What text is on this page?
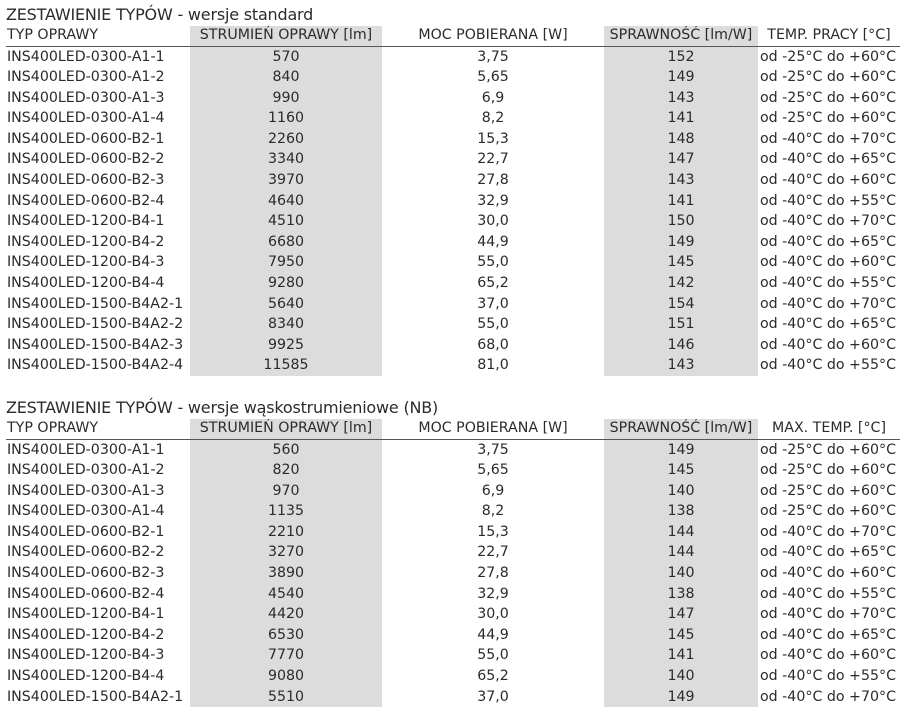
ZESTAWIENIE TYPÓW - wersje standard
TYP OPRAWY	STRUMIEŃ OPRAWY [lm]	MOC POBIERANA [W]	SPRAWNOŚĆ [lm/W]	TEMP. PRACY [°C]
INS400LED-0300-A1-1	570	3,75	152	od -25°C do +60°C
INS400LED-0300-A1-2	840	5,65	149	od -25°C do +60°C
INS400LED-0300-A1-3	990	6,9	143	od -25°C do +60°C
INS400LED-0300-A1-4	1160	8,2	141	od -25°C do +60°C
INS400LED-0600-B2-1	2260	15,3	148	od -40°C do +70°C
INS400LED-0600-B2-2	3340	22,7	147	od -40°C do +65°C
INS400LED-0600-B2-3	3970	27,8	143	od -40°C do +60°C
INS400LED-0600-B2-4	4640	32,9	141	od -40°C do +55°C
INS400LED-1200-B4-1	4510	30,0	150	od -40°C do +70°C
INS400LED-1200-B4-2	6680	44,9	149	od -40°C do +65°C
INS400LED-1200-B4-3	7950	55,0	145	od -40°C do +60°C
INS400LED-1200-B4-4	9280	65,2	142	od -40°C do +55°C
INS400LED-1500-B4A2-1	5640	37,0	154	od -40°C do +70°C
INS400LED-1500-B4A2-2	8340	55,0	151	od -40°C do +65°C
INS400LED-1500-B4A2-3	9925	68,0	146	od -40°C do +60°C
INS400LED-1500-B4A2-4	11585	81,0	143	od -40°C do +55°C
ZESTAWIENIE TYPÓW - wersje wąskostrumieniowe (NB)
TYP OPRAWY	STRUMIEŃ OPRAWY [lm]	MOC POBIERANA [W]	SPRAWNOŚĆ [lm/W]	MAX. TEMP. [°C]
INS400LED-0300-A1-1	560	3,75	149	od -25°C do +60°C
INS400LED-0300-A1-2	820	5,65	145	od -25°C do +60°C
INS400LED-0300-A1-3	970	6,9	140	od -25°C do +60°C
INS400LED-0300-A1-4	1135	8,2	138	od -25°C do +60°C
INS400LED-0600-B2-1	2210	15,3	144	od -40°C do +70°C
INS400LED-0600-B2-2	3270	22,7	144	od -40°C do +65°C
INS400LED-0600-B2-3	3890	27,8	140	od -40°C do +60°C
INS400LED-0600-B2-4	4540	32,9	138	od -40°C do +55°C
INS400LED-1200-B4-1	4420	30,0	147	od -40°C do +70°C
INS400LED-1200-B4-2	6530	44,9	145	od -40°C do +65°C
INS400LED-1200-B4-3	7770	55,0	141	od -40°C do +60°C
INS400LED-1200-B4-4	9080	65,2	140	od -40°C do +55°C
INS400LED-1500-B4A2-1	5510	37,0	149	od -40°C do +70°C
